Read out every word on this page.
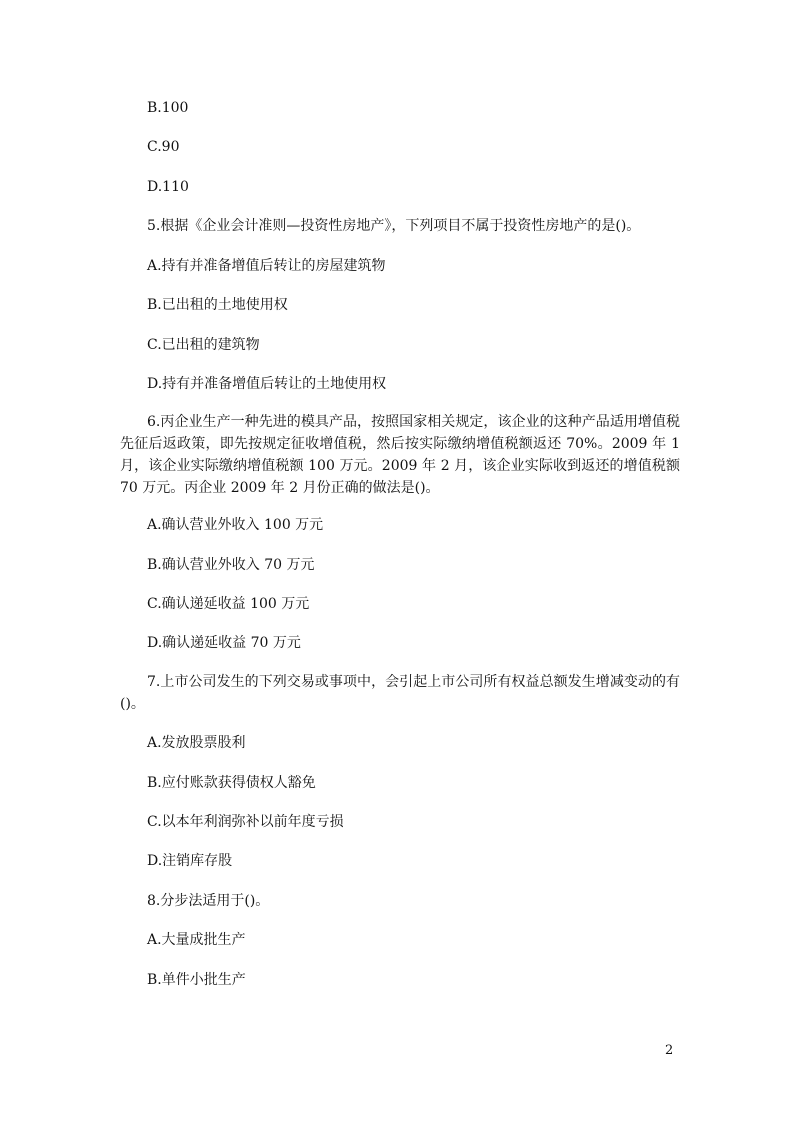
B.100
C.90
D.110
5.根据《企业会计准则—投资性房地产》，下列项目不属于投资性房地产的是()。
A.持有并准备增值后转让的房屋建筑物
B.已出租的土地使用权
C.已出租的建筑物
D.持有并准备增值后转让的土地使用权
6.丙企业生产一种先进的模具产品，按照国家相关规定，该企业的这种产品适用增值税先征后返政策，即先按规定征收增值税，然后按实际缴纳增值税额返还 70%。2009 年 1 月，该企业实际缴纳增值税额 100 万元。2009 年 2 月，该企业实际收到返还的增值税额 70 万元。丙企业 2009 年 2 月份正确的做法是()。
A.确认营业外收入 100 万元
B.确认营业外收入 70 万元
C.确认递延收益 100 万元
D.确认递延收益 70 万元
7.上市公司发生的下列交易或事项中，会引起上市公司所有权益总额发生增减变动的有()。
A.发放股票股利
B.应付账款获得债权人豁免
C.以本年利润弥补以前年度亏损
D.注销库存股
8.分步法适用于()。
A.大量成批生产
B.单件小批生产
2
